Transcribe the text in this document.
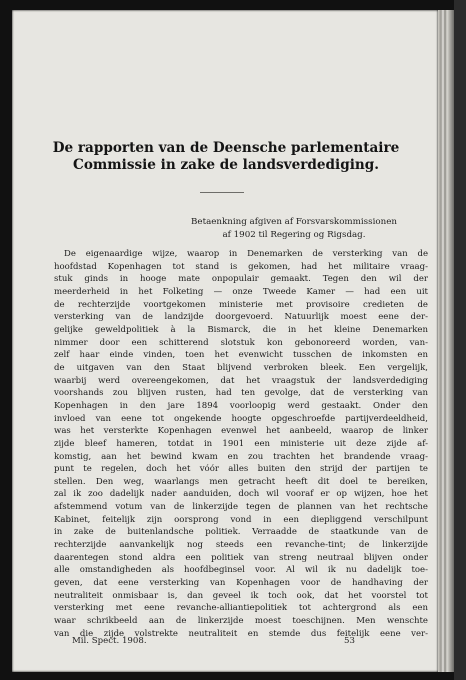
De rapporten van de Deensche parlementaire
Commissie in zake de landsverdediging.
Betaenkning afgiven af Forsvarskommissionen
af 1902 til Regering og Rigsdag.
De eigenaardige wijze, waarop in Denemarken de versterking van de
hoofdstad Kopenhagen tot stand is gekomen, had het militaire vraag-
stuk ginds in hooge mate onpopulair gemaakt. Tegen den wil der
meerderheid in het Folketing — onze Tweede Kamer — had een uit
de rechterzijde voortgekomen ministerie met provisoire credieten de
versterking van de landzijde doorgevoerd. Natuurlijk moest eene der-
gelijke geweldpolitiek à la Bismarck, die in het kleine Denemarken
nimmer door een schitterend slotstuk kon gebonoreerd worden, van-
zelf haar einde vinden, toen het evenwicht tusschen de inkomsten en
de uitgaven van den Staat blijvend verbroken bleek. Een vergelijk,
waarbij werd overeengekomen, dat het vraagstuk der landsverdediging
voorshands zou blijven rusten, had ten gevolge, dat de versterking van
Kopenhagen in den jare 1894 voorloopig werd gestaakt. Onder den
invloed van eene tot ongekende hoogte opgeschroefde partijverdeeldheid,
was het versterkte Kopenhagen evenwel het aanbeeld, waarop de linker
zijde bleef hameren, totdat in 1901 een ministerie uit deze zijde af-
komstig, aan het bewind kwam en zou trachten het brandende vraag-
punt te regelen, doch het vóór alles buiten den strijd der partijen te
stellen. Den weg, waarlangs men getracht heeft dit doel te bereiken,
zal ik zoo dadelijk nader aanduiden, doch wil vooraf er op wijzen, hoe het
afstemmend votum van de linkerzijde tegen de plannen van het rechtsche
Kabinet, feitelijk zijn oorsprong vond in een diepliggend verschilpunt
in zake de buitenlandsche politiek. Verraadde de staatkunde van de
rechterzijde aanvankelijk nog steeds een revanche-tint; de linkerzijde
daarentegen stond aldra een politiek van streng neutraal blijven onder
alle omstandigheden als hoofdbeginsel voor. Al wil ik nu dadelijk toe-
geven, dat eene versterking van Kopenhagen voor de handhaving der
neutraliteit onmisbaar is, dan geveel ik toch ook, dat het voorstel tot
versterking met eene revanche-alliantiepolitiek tot achtergrond als een
waar schrikbeeld aan de linkerzijde moest toeschijnen. Men wenschte
van die zijde volstrekte neutraliteit en stemde dus feitelijk eene ver-
Mil. Spect. 1908.	53
